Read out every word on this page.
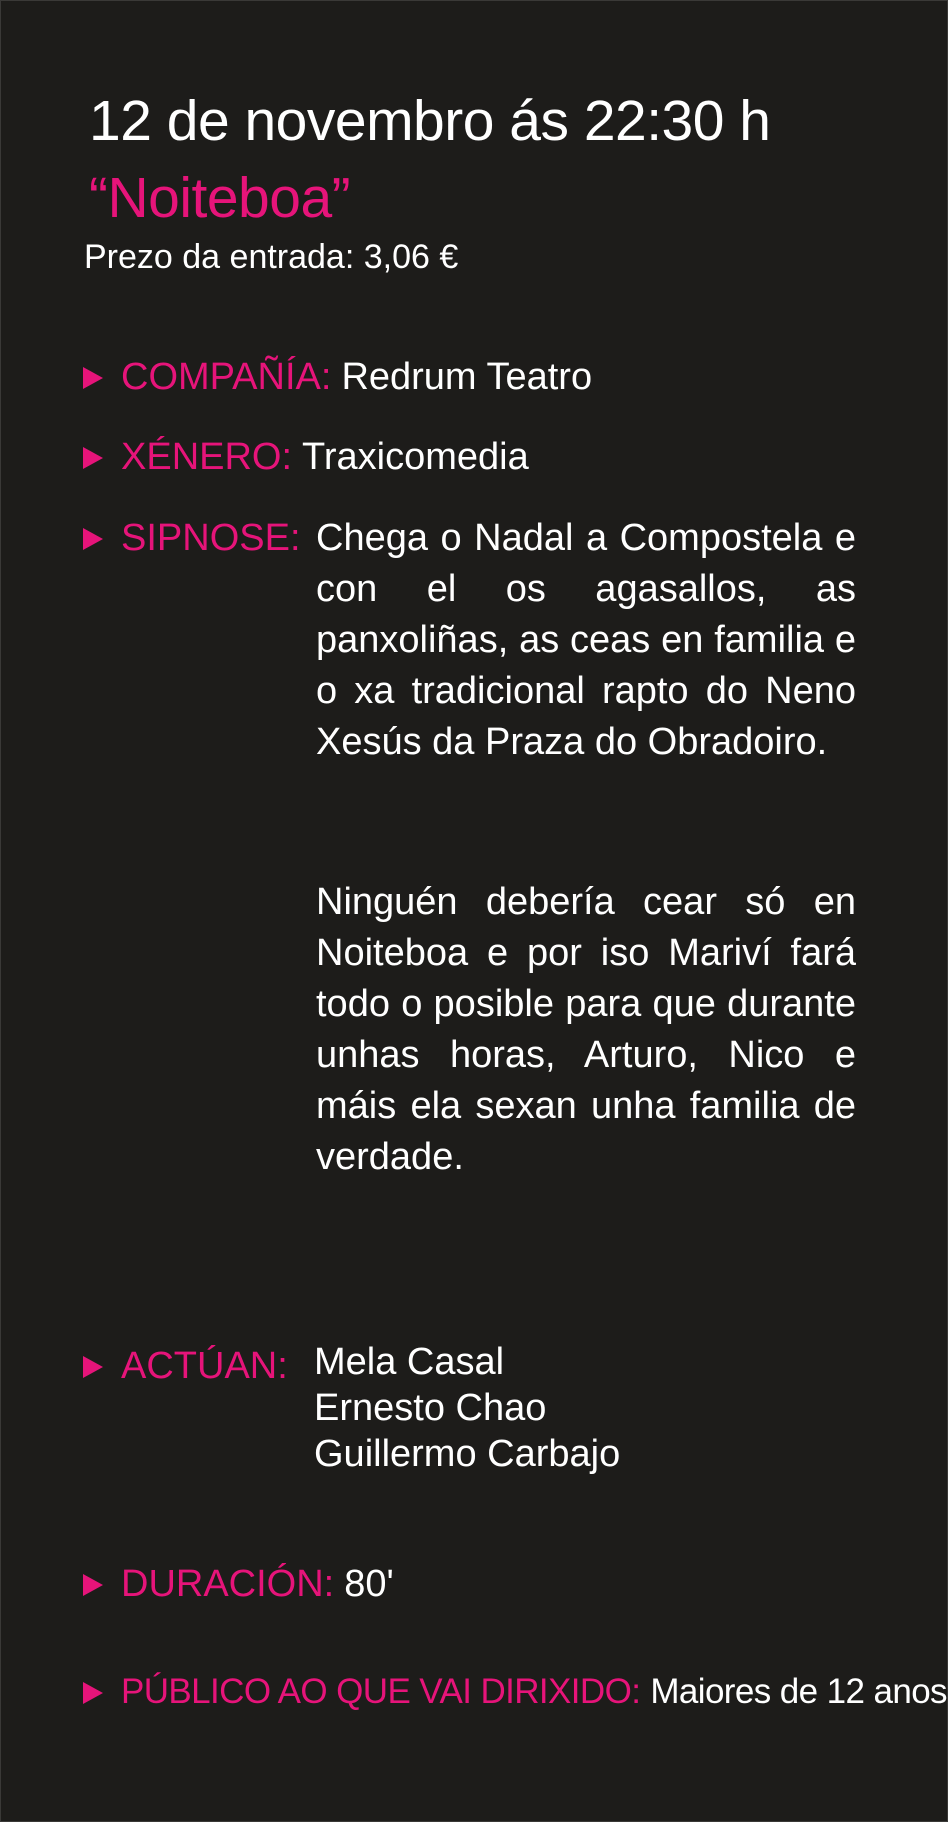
12 de novembro ás 22:30 h
“Noiteboa”
Prezo da entrada: 3,06 €
COMPAÑÍA: Redrum Teatro
XÉNERO: Traxicomedia
SIPNOSE: Chega o Nadal a Compostela e con el os agasallos, as panxoliñas, as ceas en familia e o xa tradicional rapto do Neno Xesús da Praza do Obradoiro.
Ninguén debería cear só en Noiteboa e por iso Mariví fará todo o posible para que durante unhas horas, Arturo, Nico e máis ela sexan unha familia de verdade.
ACTÚAN: Mela Casal
Ernesto Chao
Guillermo Carbajo
DURACIÓN: 80'
PÚBLICO AO QUE VAI DIRIXIDO: Maiores de 12 anos
